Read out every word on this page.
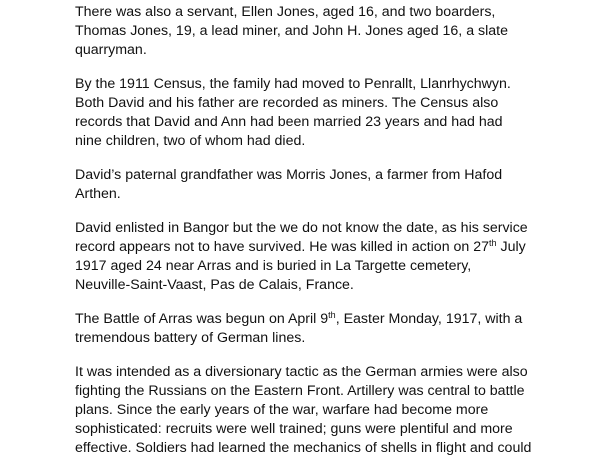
There was also a servant, Ellen Jones, aged 16, and two boarders,
Thomas Jones, 19, a lead miner, and John H. Jones aged 16, a slate
quarryman.
By the 1911 Census, the family had moved to Penrallt, Llanrhychwyn.
Both David and his father are recorded as miners. The Census also
records that David and Ann had been married 23 years and had had
nine children, two of whom had died.
David’s paternal grandfather was Morris Jones, a farmer from Hafod
Arthen.
David enlisted in Bangor but the we do not know the date, as his service
record appears not to have survived. He was killed in action on 27th July
1917 aged 24 near Arras and is buried in La Targette cemetery,
Neuville-Saint-Vaast, Pas de Calais, France.
The Battle of Arras was begun on April 9th, Easter Monday, 1917, with a
tremendous battery of German lines.
It was intended as a diversionary tactic as the German armies were also
fighting the Russians on the Eastern Front. Artillery was central to battle
plans. Since the early years of the war, warfare had become more
sophisticated: recruits were well trained; guns were plentiful and more
effective. Soldiers had learned the mechanics of shells in flight and could
